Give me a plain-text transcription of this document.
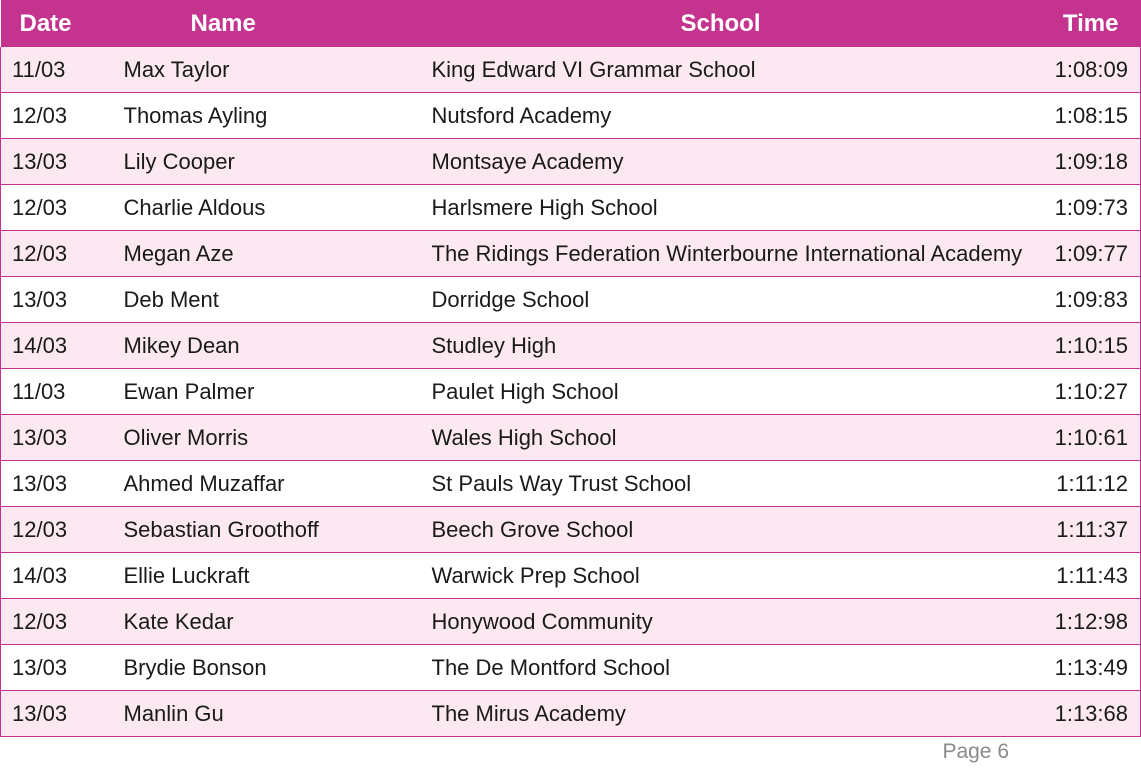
Date	Name	School	Time
11/03	Max Taylor	King Edward VI Grammar School	1:08:09
12/03	Thomas Ayling	Nutsford Academy	1:08:15
13/03	Lily Cooper	Montsaye Academy	1:09:18
12/03	Charlie Aldous	Harlsmere High School	1:09:73
12/03	Megan Aze	The Ridings Federation Winterbourne International Academy	1:09:77
13/03	Deb Ment	Dorridge School	1:09:83
14/03	Mikey Dean	Studley High	1:10:15
11/03	Ewan Palmer	Paulet High School	1:10:27
13/03	Oliver Morris	Wales High School	1:10:61
13/03	Ahmed Muzaffar	St Pauls Way Trust School	1:11:12
12/03	Sebastian Groothoff	Beech Grove School	1:11:37
14/03	Ellie Luckraft	Warwick Prep School	1:11:43
12/03	Kate Kedar	Honywood Community	1:12:98
13/03	Brydie Bonson	The De Montford School	1:13:49
13/03	Manlin Gu	The Mirus Academy	1:13:68
Page 6
